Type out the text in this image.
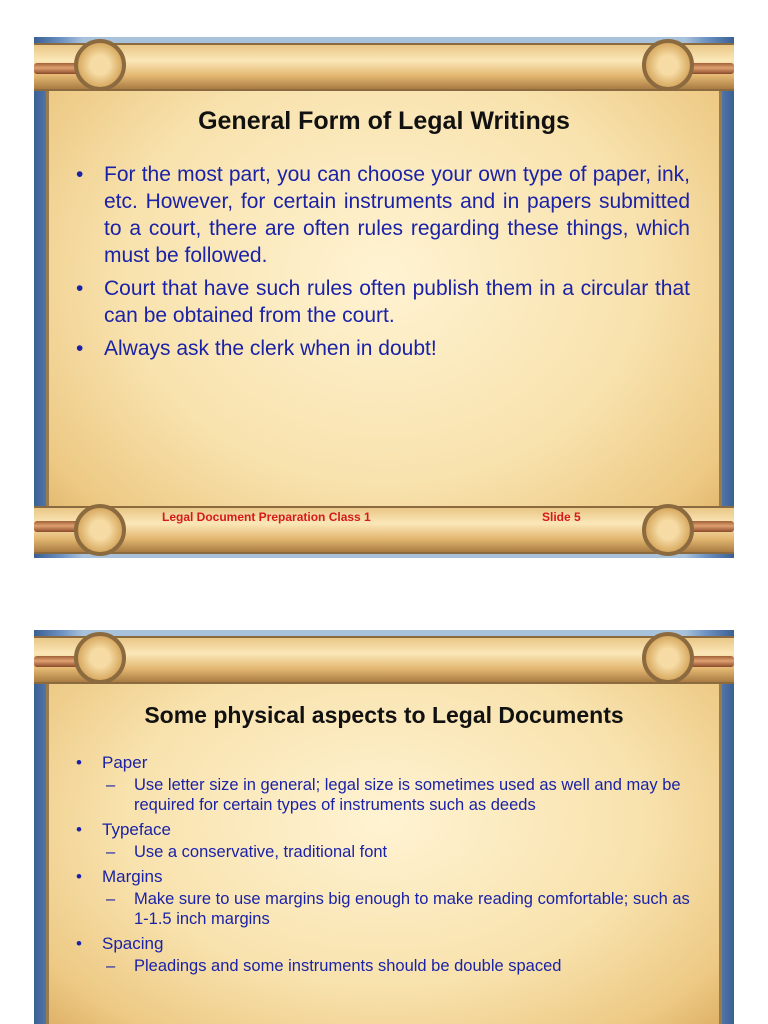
General Form of Legal Writings
• For the most part, you can choose your own type of paper, ink, etc. However, for certain instruments and in papers submitted to a court, there are often rules regarding these things, which must be followed.
• Court that have such rules often publish them in a circular that can be obtained from the court.
• Always ask the clerk when in doubt!
Legal Document Preparation Class 1	Slide 5
Some physical aspects to Legal Documents
• Paper
– Use letter size in general; legal size is sometimes used as well and may be required for certain types of instruments such as deeds
• Typeface
– Use a conservative, traditional font
• Margins
– Make sure to use margins big enough to make reading comfortable; such as 1-1.5 inch margins
• Spacing
– Pleadings and some instruments should be double spaced
